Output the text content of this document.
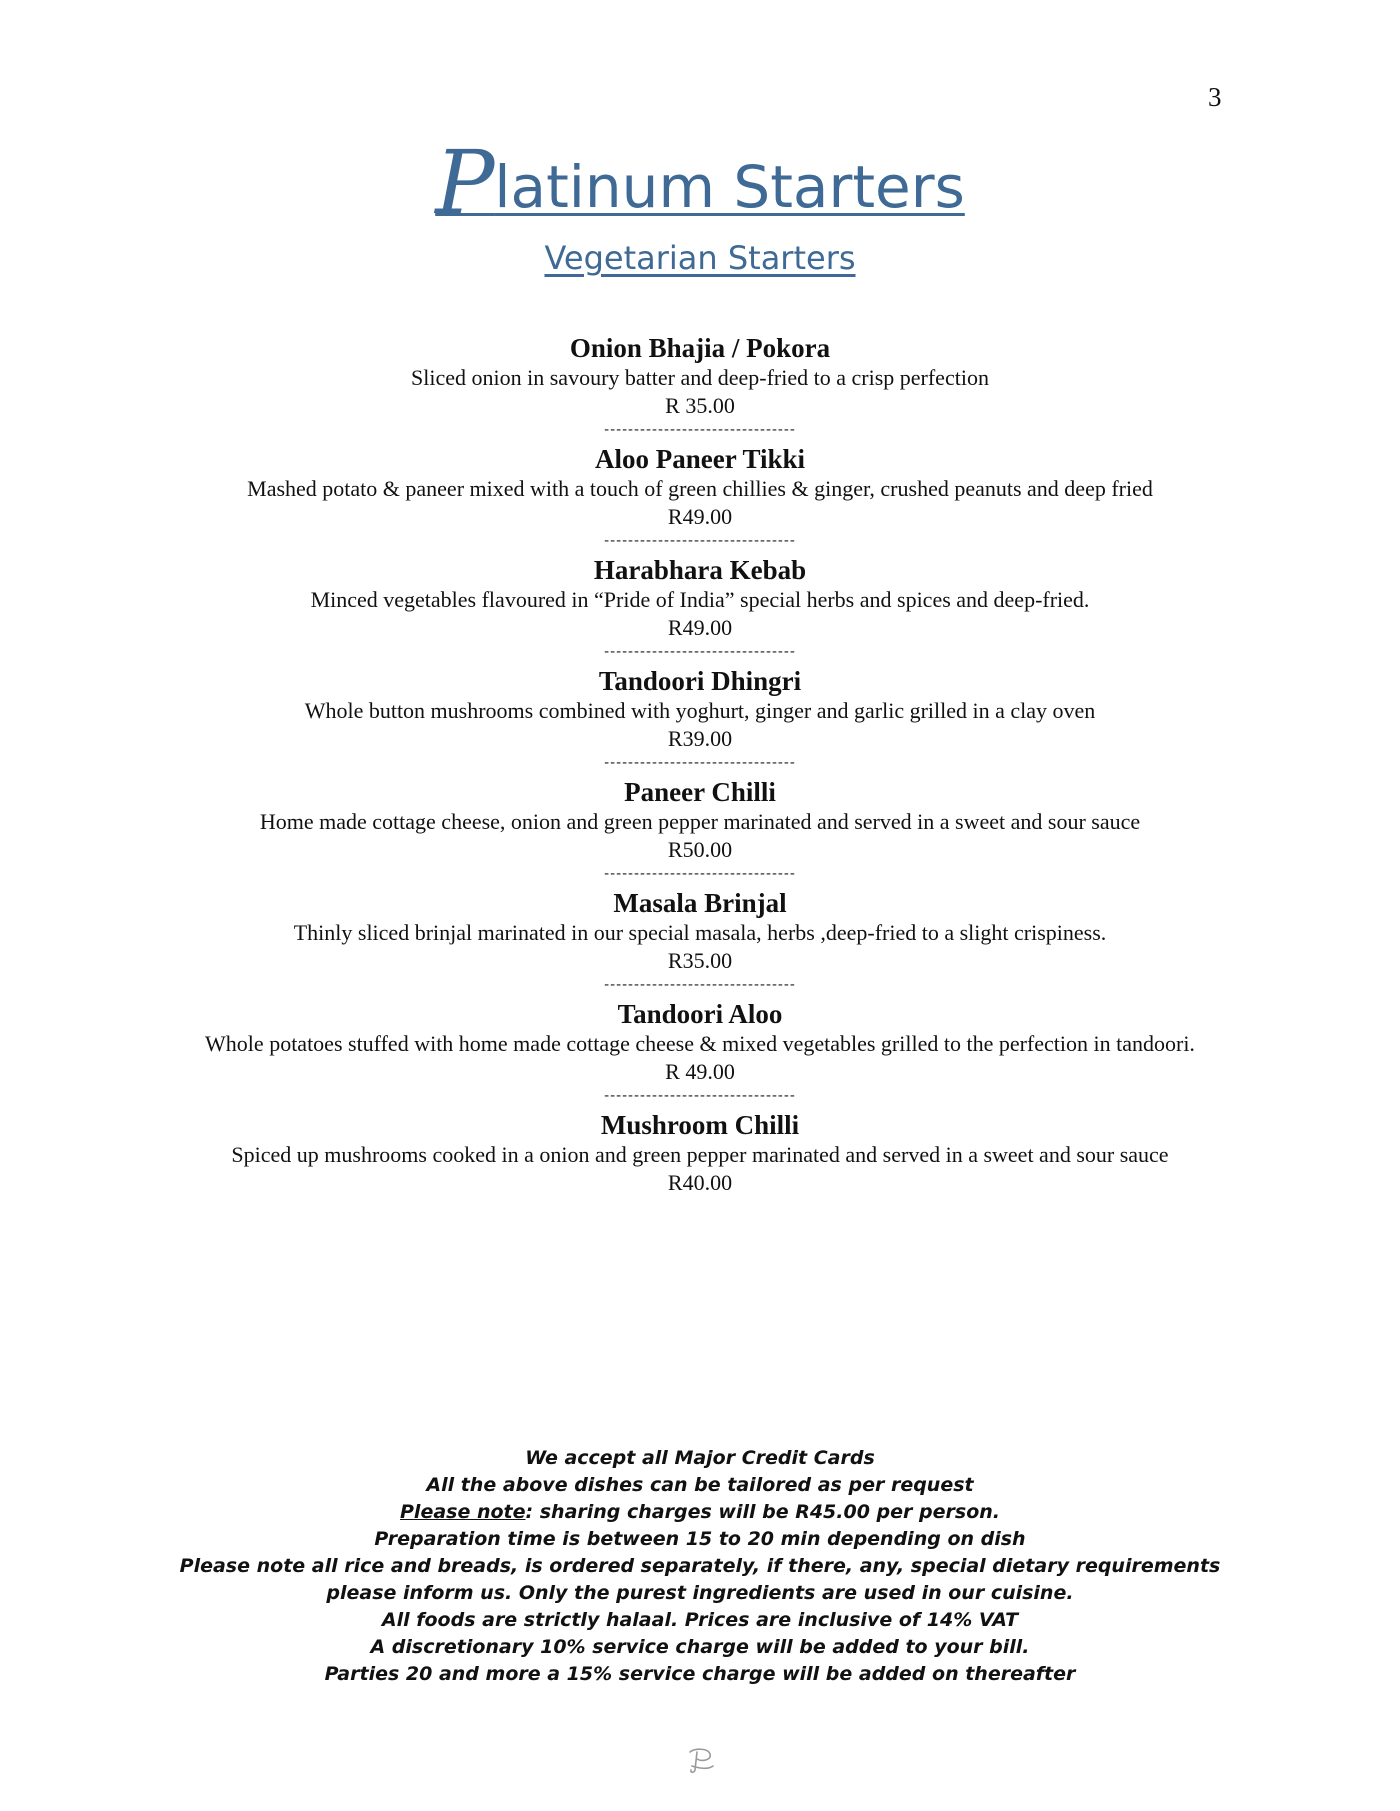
3
Platinum Starters
Vegetarian Starters

Onion Bhajia / Pokora

Sliced onion in savoury batter and deep-fried to a crisp perfection

R 35.00

--------------------------------

Aloo Paneer Tikki

Mashed potato & paneer mixed with a touch of green chillies & ginger, crushed peanuts and deep fried

R49.00

--------------------------------

Harabhara Kebab

Minced vegetables flavoured in “Pride of India” special herbs and spices and deep-fried.

R49.00

--------------------------------

Tandoori Dhingri

Whole button mushrooms combined with yoghurt, ginger and garlic grilled in a clay oven

R39.00

--------------------------------

Paneer Chilli

Home made cottage cheese, onion and green pepper marinated and served in a sweet and sour sauce

R50.00

--------------------------------

Masala Brinjal

Thinly sliced brinjal marinated in our special masala, herbs ,deep-fried to a slight crispiness.

R35.00

--------------------------------

Tandoori Aloo

Whole potatoes stuffed with home made cottage cheese & mixed vegetables grilled to the perfection in tandoori.

R 49.00

--------------------------------

Mushroom Chilli

Spiced up mushrooms cooked in a onion and green pepper marinated and served in a sweet and sour sauce

R40.00

We accept all Major Credit Cards
All the above dishes can be tailored as per request
Please note: sharing charges will be R45.00 per person.
Preparation time is between 15 to 20 min depending on dish
Please note all rice and breads, is ordered separately, if there, any, special dietary requirements
please inform us. Only the purest ingredients are used in our cuisine.
All foods are strictly halaal. Prices are inclusive of 14% VAT
A discretionary 10% service charge will be added to your bill.
Parties 20 and more a 15% service charge will be added on thereafter
